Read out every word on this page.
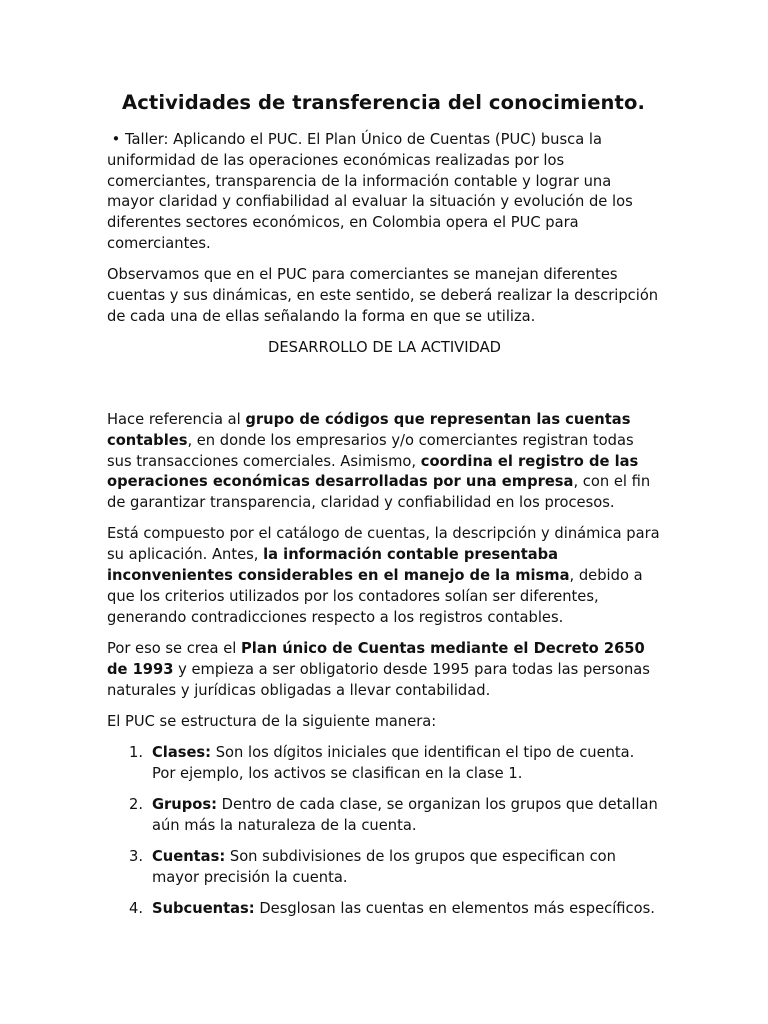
Actividades de transferencia del conocimiento.

• Taller: Aplicando el PUC. El Plan Único de Cuentas (PUC) busca la uniformidad de las operaciones económicas realizadas por los comerciantes, transparencia de la información contable y lograr una mayor claridad y confiabilidad al evaluar la situación y evolución de los diferentes sectores económicos, en Colombia opera el PUC para comerciantes.

Observamos que en el PUC para comerciantes se manejan diferentes cuentas y sus dinámicas, en este sentido, se deberá realizar la descripción de cada una de ellas señalando la forma en que se utiliza.

DESARROLLO DE LA ACTIVIDAD

Hace referencia al grupo de códigos que representan las cuentas contables, en donde los empresarios y/o comerciantes registran todas sus transacciones comerciales. Asimismo, coordina el registro de las operaciones económicas desarrolladas por una empresa, con el fin de garantizar transparencia, claridad y confiabilidad en los procesos.

Está compuesto por el catálogo de cuentas, la descripción y dinámica para su aplicación. Antes, la información contable presentaba inconvenientes considerables en el manejo de la misma, debido a que los criterios utilizados por los contadores solían ser diferentes, generando contradicciones respecto a los registros contables.

Por eso se crea el Plan único de Cuentas mediante el Decreto 2650 de 1993 y empieza a ser obligatorio desde 1995 para todas las personas naturales y jurídicas obligadas a llevar contabilidad.

El PUC se estructura de la siguiente manera:

1. Clases: Son los dígitos iniciales que identifican el tipo de cuenta. Por ejemplo, los activos se clasifican en la clase 1.
2. Grupos: Dentro de cada clase, se organizan los grupos que detallan aún más la naturaleza de la cuenta.
3. Cuentas: Son subdivisiones de los grupos que especifican con mayor precisión la cuenta.
4. Subcuentas: Desglosan las cuentas en elementos más específicos.
